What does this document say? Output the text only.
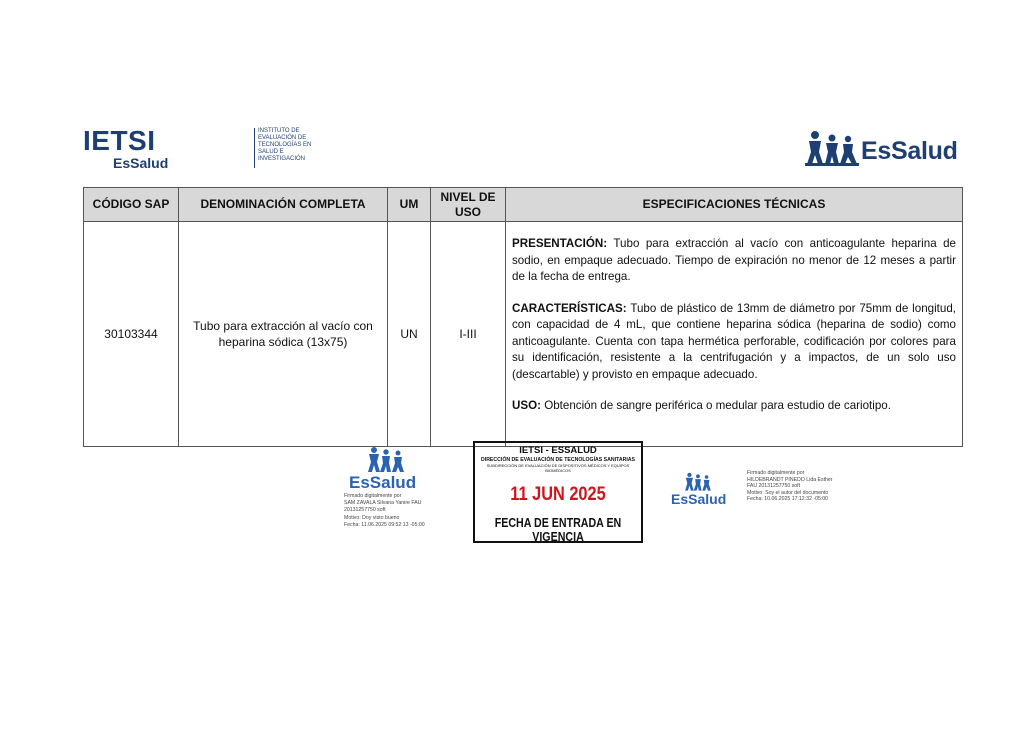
IETSI
EsSalud
INSTITUTO DE EVALUACIÓN DE TECNOLOGÍAS EN SALUD E INVESTIGACIÓN	EsSalud
CÓDIGO SAP	DENOMINACIÓN COMPLETA	UM	NIVEL DE USO	ESPECIFICACIONES TÉCNICAS
30103344	Tubo para extracción al vacío con heparina sódica (13x75)	UN	I-III	PRESENTACIÓN: Tubo para extracción al vacío con anticoagulante heparina de sodio, en empaque adecuado. Tiempo de expiración no menor de 12 meses a partir de la fecha de entrega.

CARACTERÍSTICAS: Tubo de plástico de 13mm de diámetro por 75mm de longitud, con capacidad de 4 mL, que contiene heparina sódica (heparina de sodio) como anticoagulante. Cuenta con tapa hermética perforable, codificación por colores para su identificación, resistente a la centrifugación y a impactos, de un solo uso (descartable) y provisto en empaque adecuado.

USO: Obtención de sangre periférica o medular para estudio de cariotipo.

EsSalud
Firmado digitalmente por
SAM ZAVALA Silvana Yanire FAU
20131257750 soft
Motivo: Doy visto bueno
Fecha: 11.06.2025 09:52:13 -05:00
IETSI - ESSALUD
DIRECCIÓN DE EVALUACIÓN DE TECNOLOGÍAS SANITARIAS
SUBDIRECCIÓN DE EVALUACIÓN DE DISPOSITIVOS MÉDICOS Y EQUIPOS BIOMÉDICOS
11 JUN 2025
FECHA DE ENTRADA EN VIGENCIA
EsSalud
Firmado digitalmente por
HILDEBRANDT PINEDO Lida Esther
FAU 20131257750 soft
Motivo: Soy el autor del documento
Fecha: 10.06.2025 17:12:32 -05:00
